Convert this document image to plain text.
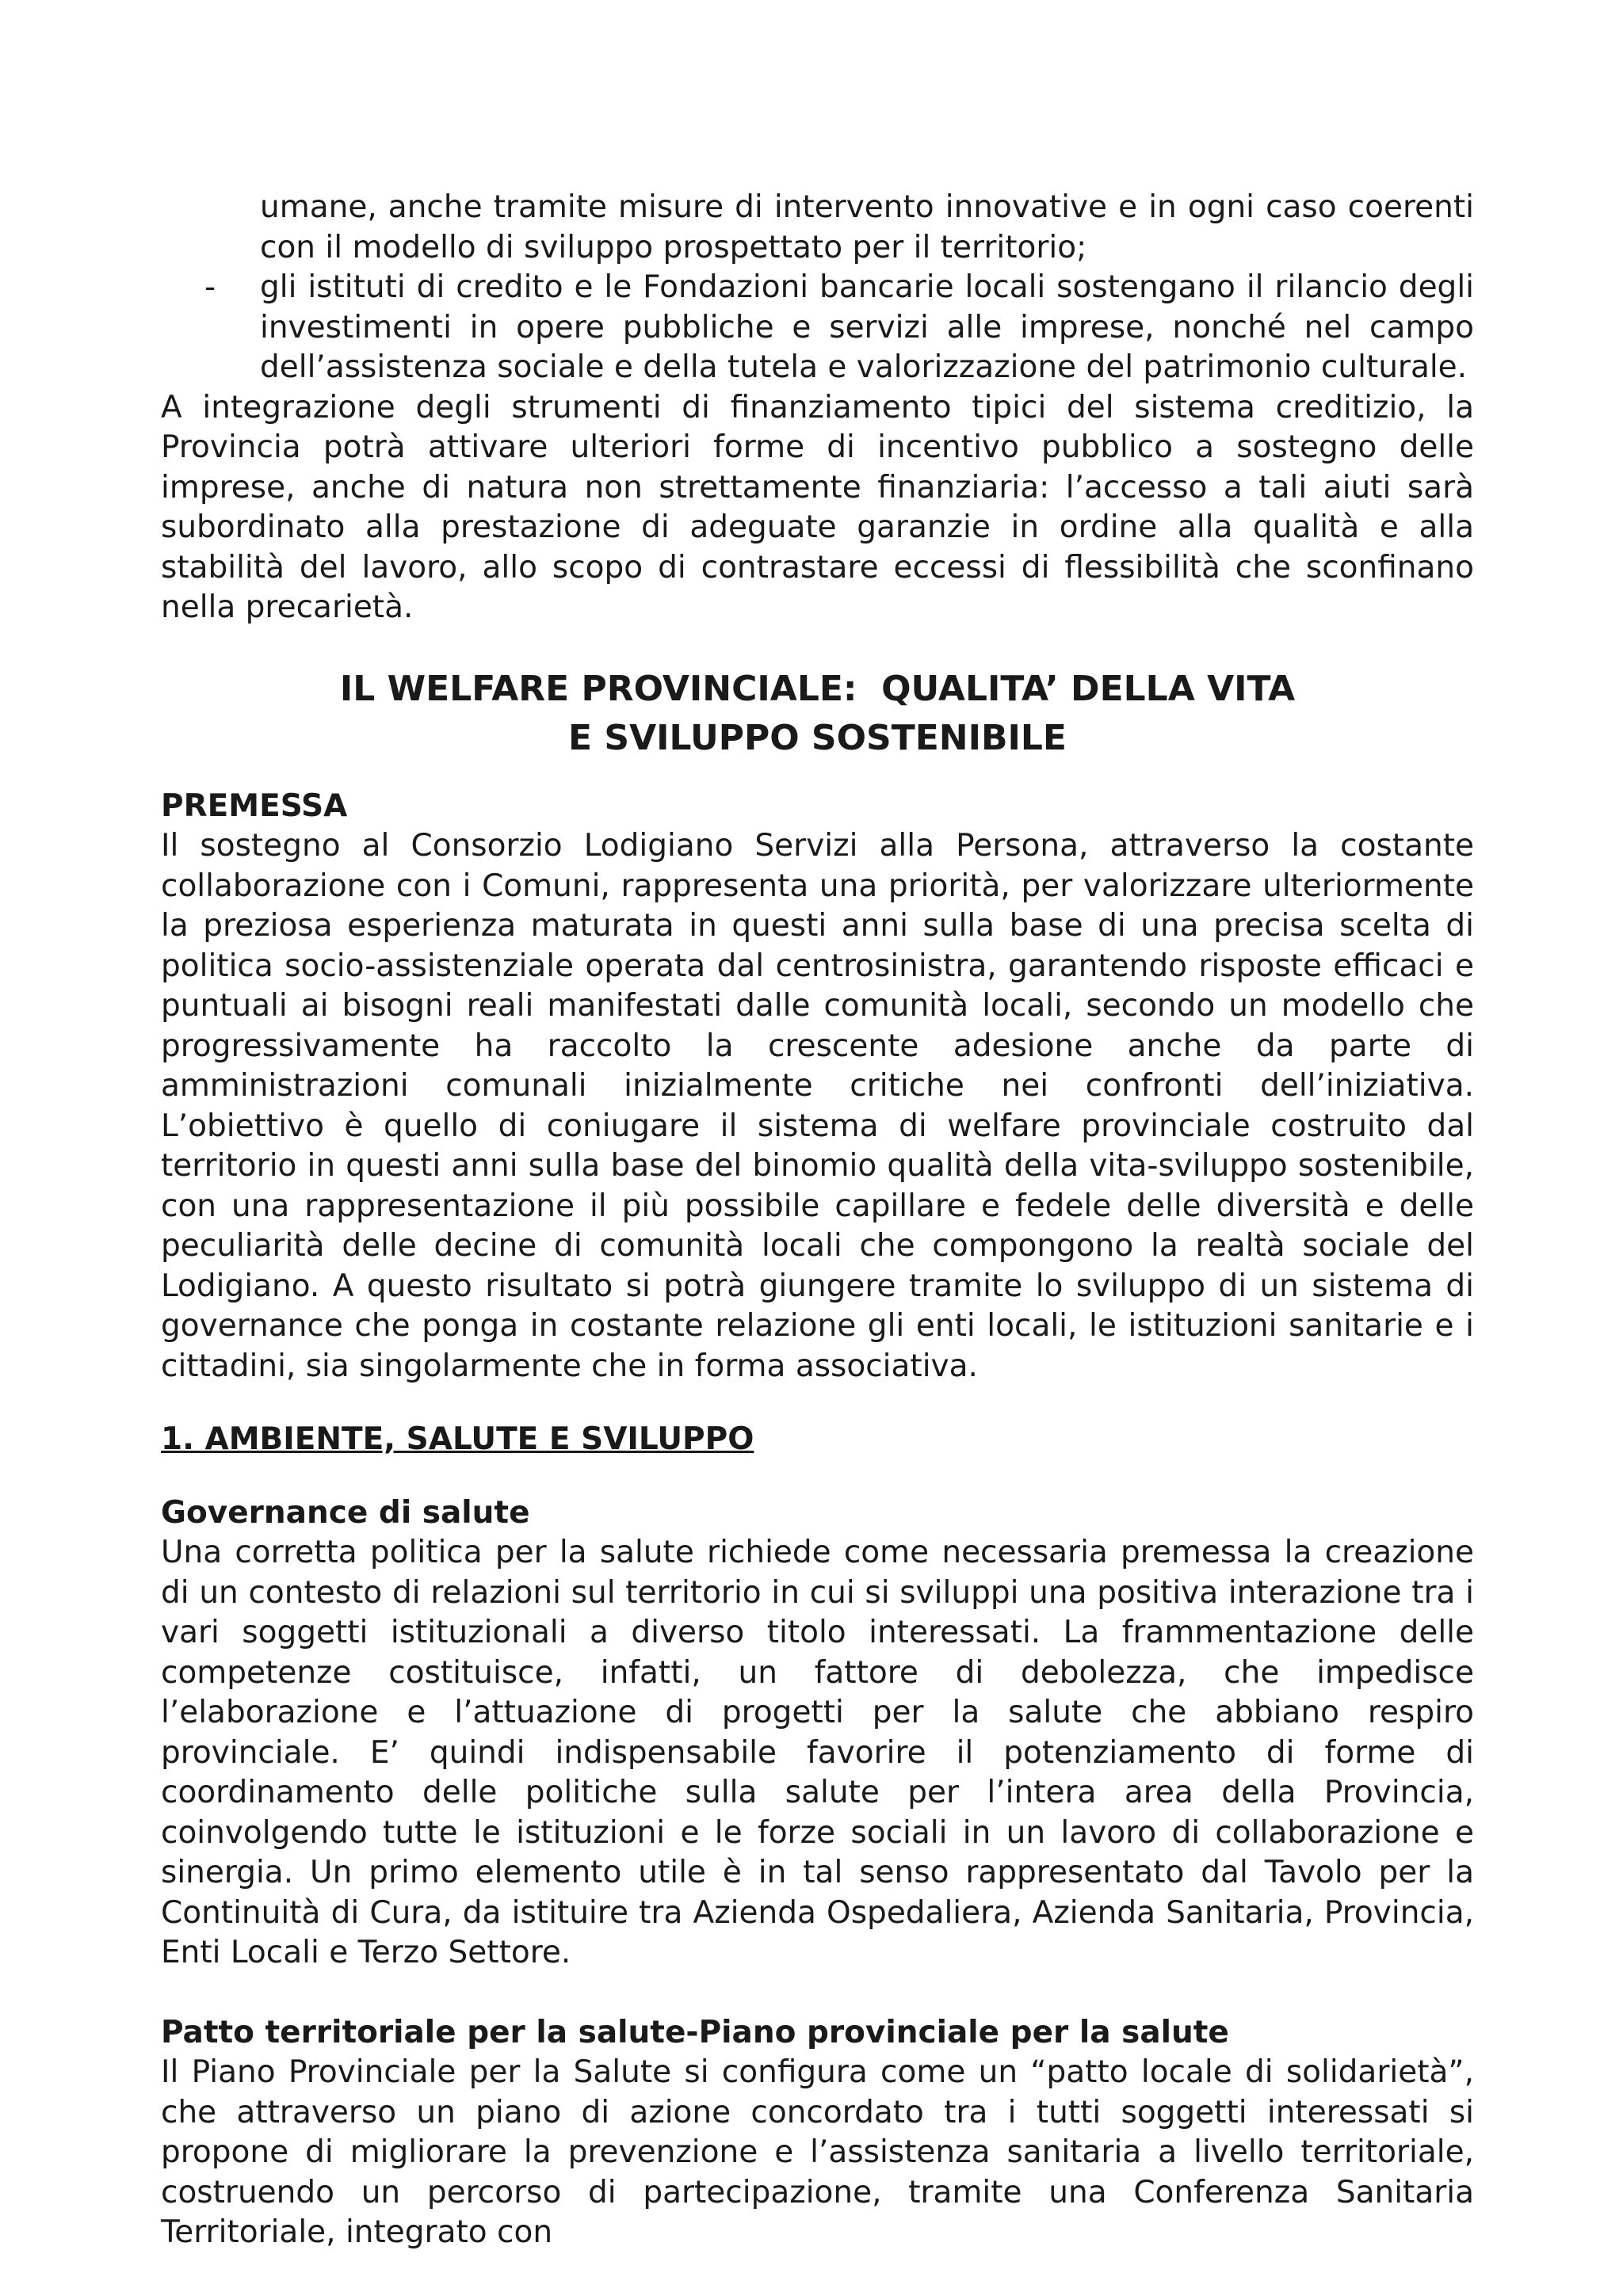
umane, anche tramite misure di intervento innovative e in ogni caso coerenti con il modello di sviluppo prospettato per il territorio;

- gli istituti di credito e le Fondazioni bancarie locali sostengano il rilancio degli investimenti in opere pubbliche e servizi alle imprese, nonché nel campo dell’assistenza sociale e della tutela e valorizzazione del patrimonio culturale.

A integrazione degli strumenti di finanziamento tipici del sistema creditizio, la Provincia potrà attivare ulteriori forme di incentivo pubblico a sostegno delle imprese, anche di natura non strettamente finanziaria: l’accesso a tali aiuti sarà subordinato alla prestazione di adeguate garanzie in ordine alla qualità e alla stabilità del lavoro, allo scopo di contrastare eccessi di flessibilità che sconfinano nella precarietà.

IL WELFARE PROVINCIALE:  QUALITA’ DELLA VITA
E SVILUPPO SOSTENIBILE
PREMESSA

Il sostegno al Consorzio Lodigiano Servizi alla Persona, attraverso la costante collaborazione con i Comuni, rappresenta una priorità, per valorizzare ulteriormente la preziosa esperienza maturata in questi anni sulla base di una precisa scelta di politica socio-assistenziale operata dal centrosinistra, garantendo risposte efficaci e puntuali ai bisogni reali manifestati dalle comunità locali, secondo un modello che progressivamente ha raccolto la crescente adesione anche da parte di amministrazioni comunali inizialmente critiche nei confronti dell’iniziativa. L’obiettivo è quello di coniugare il sistema di welfare provinciale costruito dal territorio in questi anni sulla base del binomio qualità della vita-sviluppo sostenibile, con una rappresentazione il più possibile capillare e fedele delle diversità e delle peculiarità delle decine di comunità locali che compongono la realtà sociale del Lodigiano. A questo risultato si potrà giungere tramite lo sviluppo di un sistema di governance che ponga in costante relazione gli enti locali, le istituzioni sanitarie e i cittadini, sia singolarmente che in forma associativa.

1. AMBIENTE, SALUTE E SVILUPPO
Governance di salute

Una corretta politica per la salute richiede come necessaria premessa la creazione di un contesto di relazioni sul territorio in cui si sviluppi una positiva interazione tra i vari soggetti istituzionali a diverso titolo interessati. La frammentazione delle competenze costituisce, infatti, un fattore di debolezza, che impedisce l’elaborazione e l’attuazione di progetti per la salute che abbiano respiro provinciale. E’ quindi indispensabile favorire il potenziamento di forme di coordinamento delle politiche sulla salute per l’intera area della Provincia, coinvolgendo tutte le istituzioni e le forze sociali in un lavoro di collaborazione e sinergia. Un primo elemento utile è in tal senso rappresentato dal Tavolo per la Continuità di Cura, da istituire tra Azienda Ospedaliera, Azienda Sanitaria, Provincia, Enti Locali e Terzo Settore.

Patto territoriale per la salute-Piano provinciale per la salute

Il Piano Provinciale per la Salute si configura come un “patto locale di solidarietà”, che attraverso un piano di azione concordato tra i tutti soggetti interessati si propone di migliorare la prevenzione e l’assistenza sanitaria a livello territoriale, costruendo un percorso di partecipazione, tramite una Conferenza Sanitaria Territoriale, integrato con
